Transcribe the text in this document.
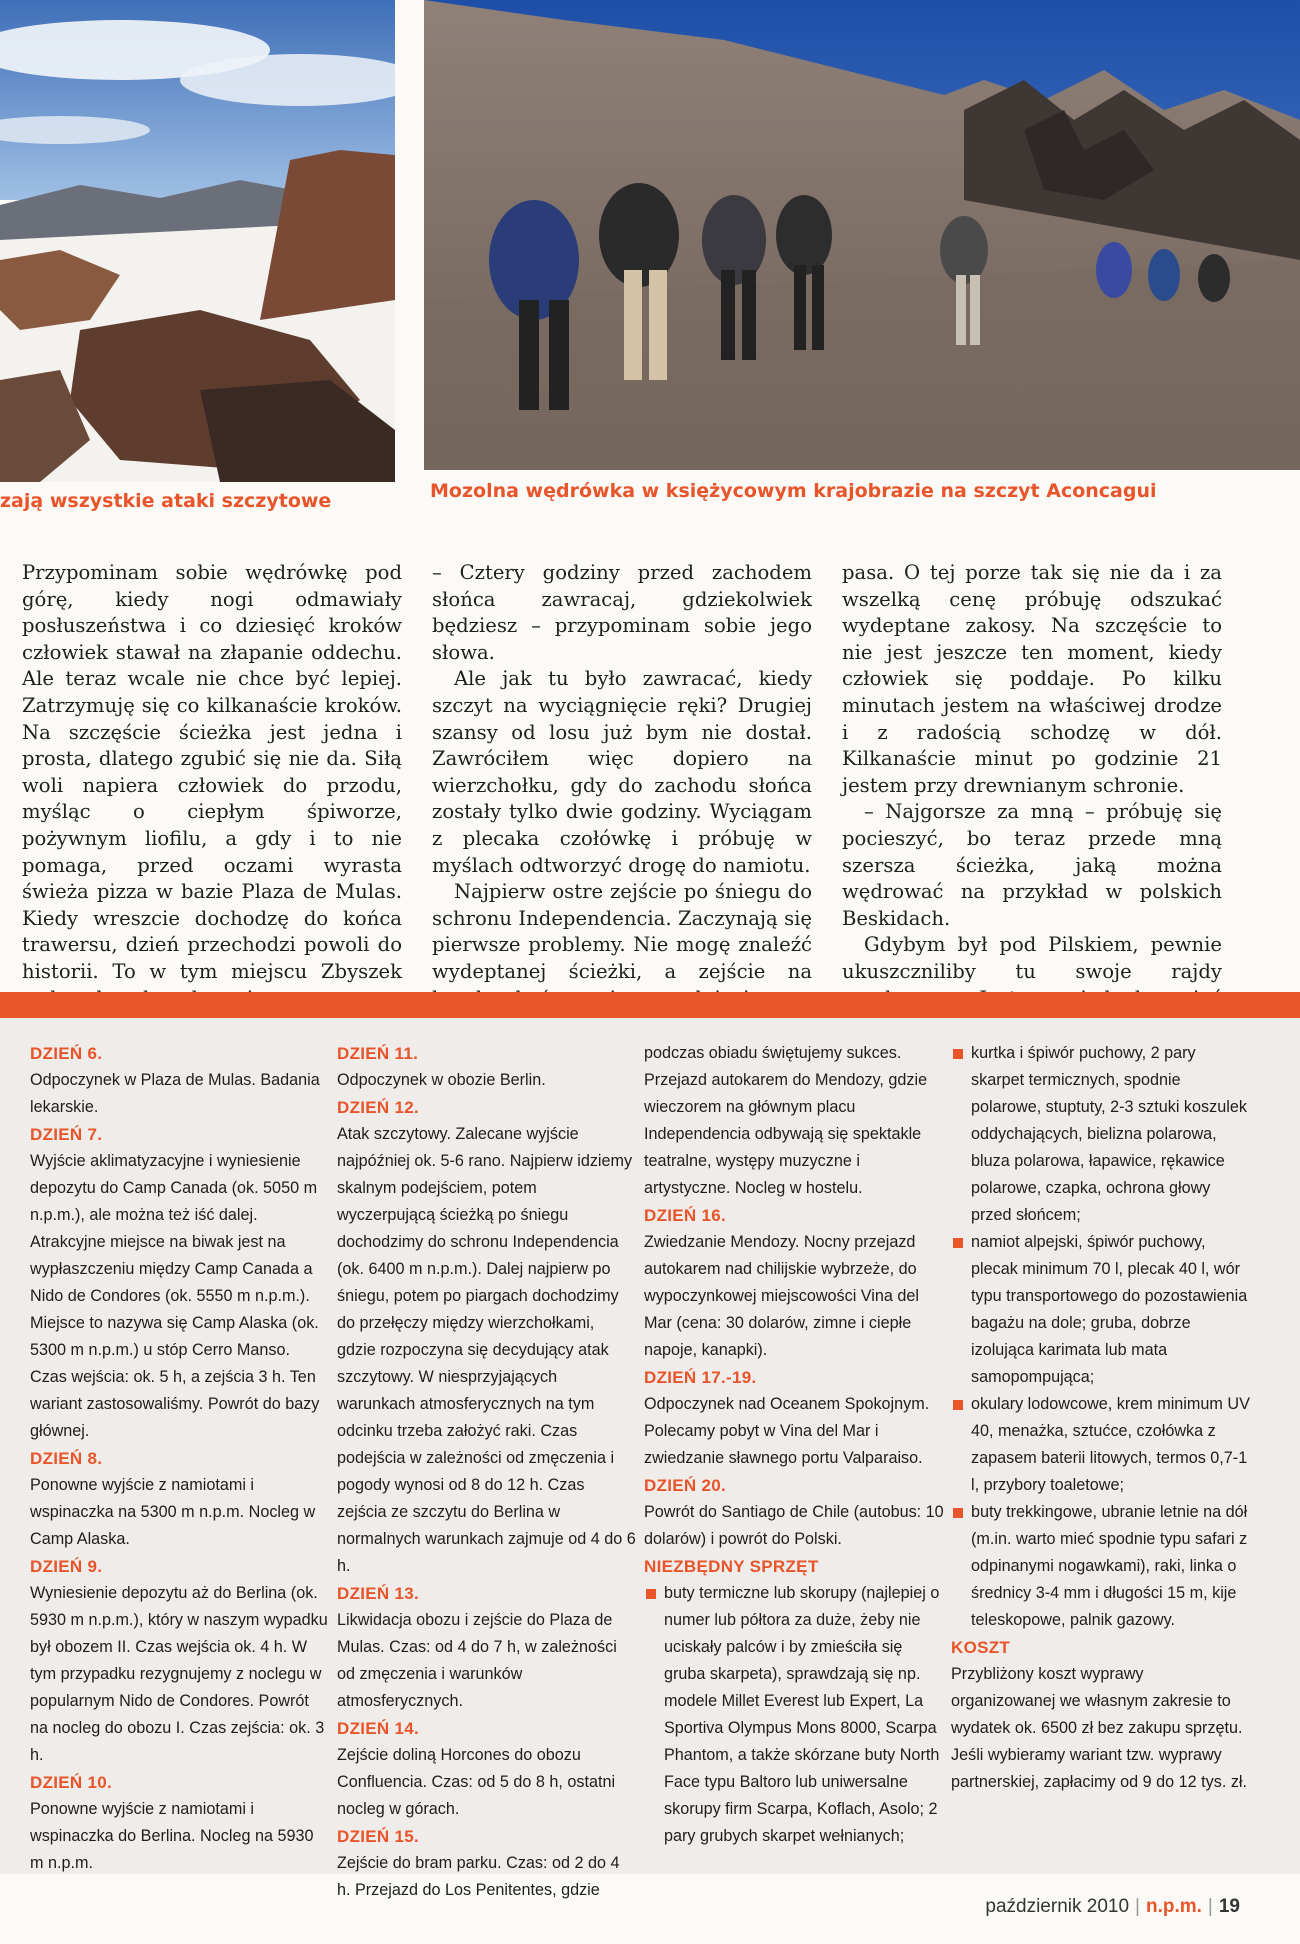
zają wszystkie ataki szczytowe	Mozolna wędrówka w księżycowym krajobrazie na szczyt Aconcagui

Przypominam sobie wędrówkę pod górę, kiedy nogi odmawiały posłuszeństwa i co dziesięć kroków człowiek stawał na złapanie oddechu. Ale teraz wcale nie chce być lepiej. Zatrzymuję się co kilkanaście kroków. Na szczęście ścieżka jest jedna i prosta, dlatego zgubić się nie da. Siłą woli napiera człowiek do przodu, myśląc o ciepłym śpiworze, pożywnym liofilu, a gdy i to nie pomaga, przed oczami wyrasta świeża pizza w bazie Plaza de Mulas. Kiedy wreszcie dochodzę do końca trawersu, dzień przechodzi powoli do historii. To w tym miejscu Zbyszek

– Cztery godziny przed zachodem słońca zawracaj, gdziekolwiek będziesz – przypominam sobie jego słowa.

Ale jak tu było zawracać, kiedy szczyt na wyciągnięcie ręki? Drugiej szansy od losu już bym nie dostał. Zawróciłem więc dopiero na wierzchołku, gdy do zachodu słońca zostały tylko dwie godziny. Wyciągam z plecaka czołówkę i próbuję w myślach odtworzyć drogę do namiotu.

Najpierw ostre zejście po śniegu do schronu Independencia. Zaczynają się pierwsze problemy. Nie mogę znaleźć wydeptanej ścieżki, a zejście na

pasa. O tej porze tak się nie da i za wszelką cenę próbuję odszukać wydeptane zakosy. Na szczęście to nie jest jeszcze ten moment, kiedy człowiek się poddaje. Po kilku minutach jestem na właściwej drodze i z radością schodzę w dół. Kilkanaście minut po godzinie 21 jestem przy drewnianym schronie.

– Najgorsze za mną – próbuję się pocieszyć, bo teraz przede mną szersza ścieżka, jaką można wędrować na przykład w polskich Beskidach.

Gdybym był pod Pilskiem, pewnie ukuszczniliby tu swoje rajdy

DZIEŃ 6.
Odpoczynek w Plaza de Mulas. Badania lekarskie.
DZIEŃ 7.
Wyjście aklimatyzacyjne i wyniesienie depozytu do Camp Canada (ok. 5050 m n.p.m.), ale można też iść dalej. Atrakcyjne miejsce na biwak jest na wypłaszczeniu między Camp Canada a Nido de Condores (ok. 5550 m n.p.m.). Miejsce to nazywa się Camp Alaska (ok. 5300 m n.p.m.) u stóp Cerro Manso. Czas wejścia: ok. 5 h, a zejścia 3 h. Ten wariant zastosowaliśmy. Powrót do bazy głównej.
DZIEŃ 8.
Ponowne wyjście z namiotami i wspinaczka na 5300 m n.p.m. Nocleg w Camp Alaska.
DZIEŃ 9.
Wyniesienie depozytu aż do Berlina (ok. 5930 m n.p.m.), który w naszym wypadku był obozem II. Czas wejścia ok. 4 h. W tym przypadku rezygnujemy z noclegu w popularnym Nido de Condores. Powrót na nocleg do obozu I. Czas zejścia: ok. 3 h.
DZIEŃ 10.
Ponowne wyjście z namiotami i wspinaczka do Berlina. Nocleg na 5930 m n.p.m.
DZIEŃ 11.
Odpoczynek w obozie Berlin.
DZIEŃ 12.
Atak szczytowy. Zalecane wyjście najpóźniej ok. 5-6 rano. Najpierw idziemy skalnym podejściem, potem wyczerpującą ścieżką po śniegu dochodzimy do schronu Independencia (ok. 6400 m n.p.m.). Dalej najpierw po śniegu, potem po piargach dochodzimy do przełęczy między wierzchołkami, gdzie rozpoczyna się decydujący atak szczytowy. W niesprzyjających warunkach atmosferycznych na tym odcinku trzeba założyć raki. Czas podejścia w zależności od zmęczenia i pogody wynosi od 8 do 12 h. Czas zejścia ze szczytu do Berlina w normalnych warunkach zajmuje od 4 do 6 h.
DZIEŃ 13.
Likwidacja obozu i zejście do Plaza de Mulas. Czas: od 4 do 7 h, w zależności od zmęczenia i warunków atmosferycznych.
DZIEŃ 14.
Zejście doliną Horcones do obozu Confluencia. Czas: od 5 do 8 h, ostatni nocleg w górach.
DZIEŃ 15.
Zejście do bram parku. Czas: od 2 do 4 h. Przejazd do Los Penitentes, gdzie
podczas obiadu świętujemy sukces. Przejazd autokarem do Mendozy, gdzie wieczorem na głównym placu Independencia odbywają się spektakle teatralne, występy muzyczne i artystyczne. Nocleg w hostelu.
DZIEŃ 16.
Zwiedzanie Mendozy. Nocny przejazd autokarem nad chilijskie wybrzeże, do wypoczynkowej miejscowości Vina del Mar (cena: 30 dolarów, zimne i ciepłe napoje, kanapki).
DZIEŃ 17.-19.
Odpoczynek nad Oceanem Spokojnym. Polecamy pobyt w Vina del Mar i zwiedzanie sławnego portu Valparaiso.
DZIEŃ 20.
Powrót do Santiago de Chile (autobus: 10 dolarów) i powrót do Polski.
NIEZBĘDNY SPRZĘT
buty termiczne lub skorupy (najlepiej o numer lub półtora za duże, żeby nie uciskały palców i by zmieściła się gruba skarpeta), sprawdzają się np. modele Millet Everest lub Expert, La Sportiva Olympus Mons 8000, Scarpa Phantom, a także skórzane buty North Face typu Baltoro lub uniwersalne skorupy firm Scarpa, Koflach, Asolo; 2 pary grubych skarpet wełnianych;
kurtka i śpiwór puchowy, 2 pary skarpet termicznych, spodnie polarowe, stuptuty, 2-3 sztuki koszulek oddychających, bielizna polarowa, bluza polarowa, łapawice, rękawice polarowe, czapka, ochrona głowy przed słońcem;
namiot alpejski, śpiwór puchowy, plecak minimum 70 l, plecak 40 l, wór typu transportowego do pozostawienia bagażu na dole; gruba, dobrze izolująca karimata lub mata samopompująca;
okulary lodowcowe, krem minimum UV 40, menażka, sztućce, czołówka z zapasem baterii litowych, termos 0,7-1 l, przybory toaletowe;
buty trekkingowe, ubranie letnie na dół (m.in. warto mieć spodnie typu safari z odpinanymi nogawkami), raki, linka o średnicy 3-4 mm i długości 15 m, kije teleskopowe, palnik gazowy.
KOSZT
Przybliżony koszt wyprawy organizowanej we własnym zakresie to wydatek ok. 6500 zł bez zakupu sprzętu. Jeśli wybieramy wariant tzw. wyprawy partnerskiej, zapłacimy od 9 do 12 tys. zł.
październik 2010 | n.p.m. | 19
